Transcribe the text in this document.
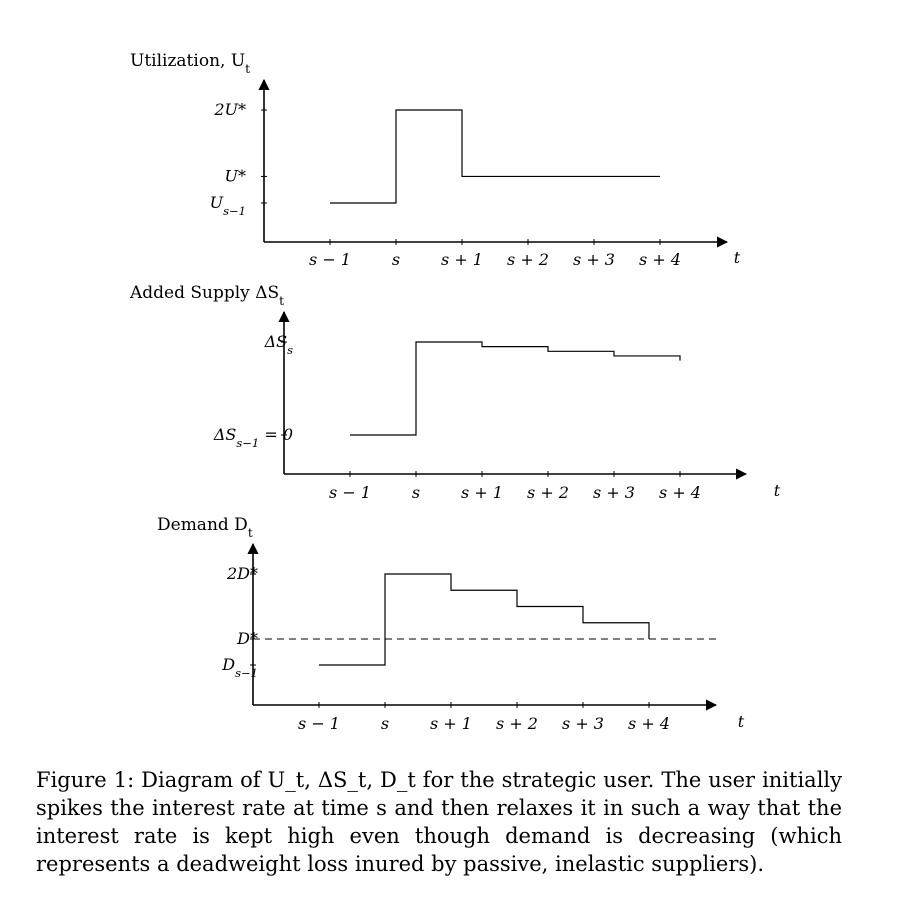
Utilization, $U_t$
s − 1	s	s + 1 s + 2 s + 3 s + 4	t
2U*
U*
$U_{s-1}$
Added Supply $\Delta S_t$
s − 1	s	s + 1 s + 2 s + 3 s + 4	t
$\Delta S_s$
$\Delta S_{s-1} = 0$
Demand $D_t$
s − 1	s	s + 1 s + 2 s + 3 s + 4	t
2D*
D*
$D_{s-1}$

Figure 1: Diagram of U_t, ΔS_t, D_t for the strategic user. The user initially spikes the interest rate at time s and then relaxes it in such a way that the interest rate is kept high even though demand is decreasing (which represents a deadweight loss inured by passive, inelastic suppliers).
